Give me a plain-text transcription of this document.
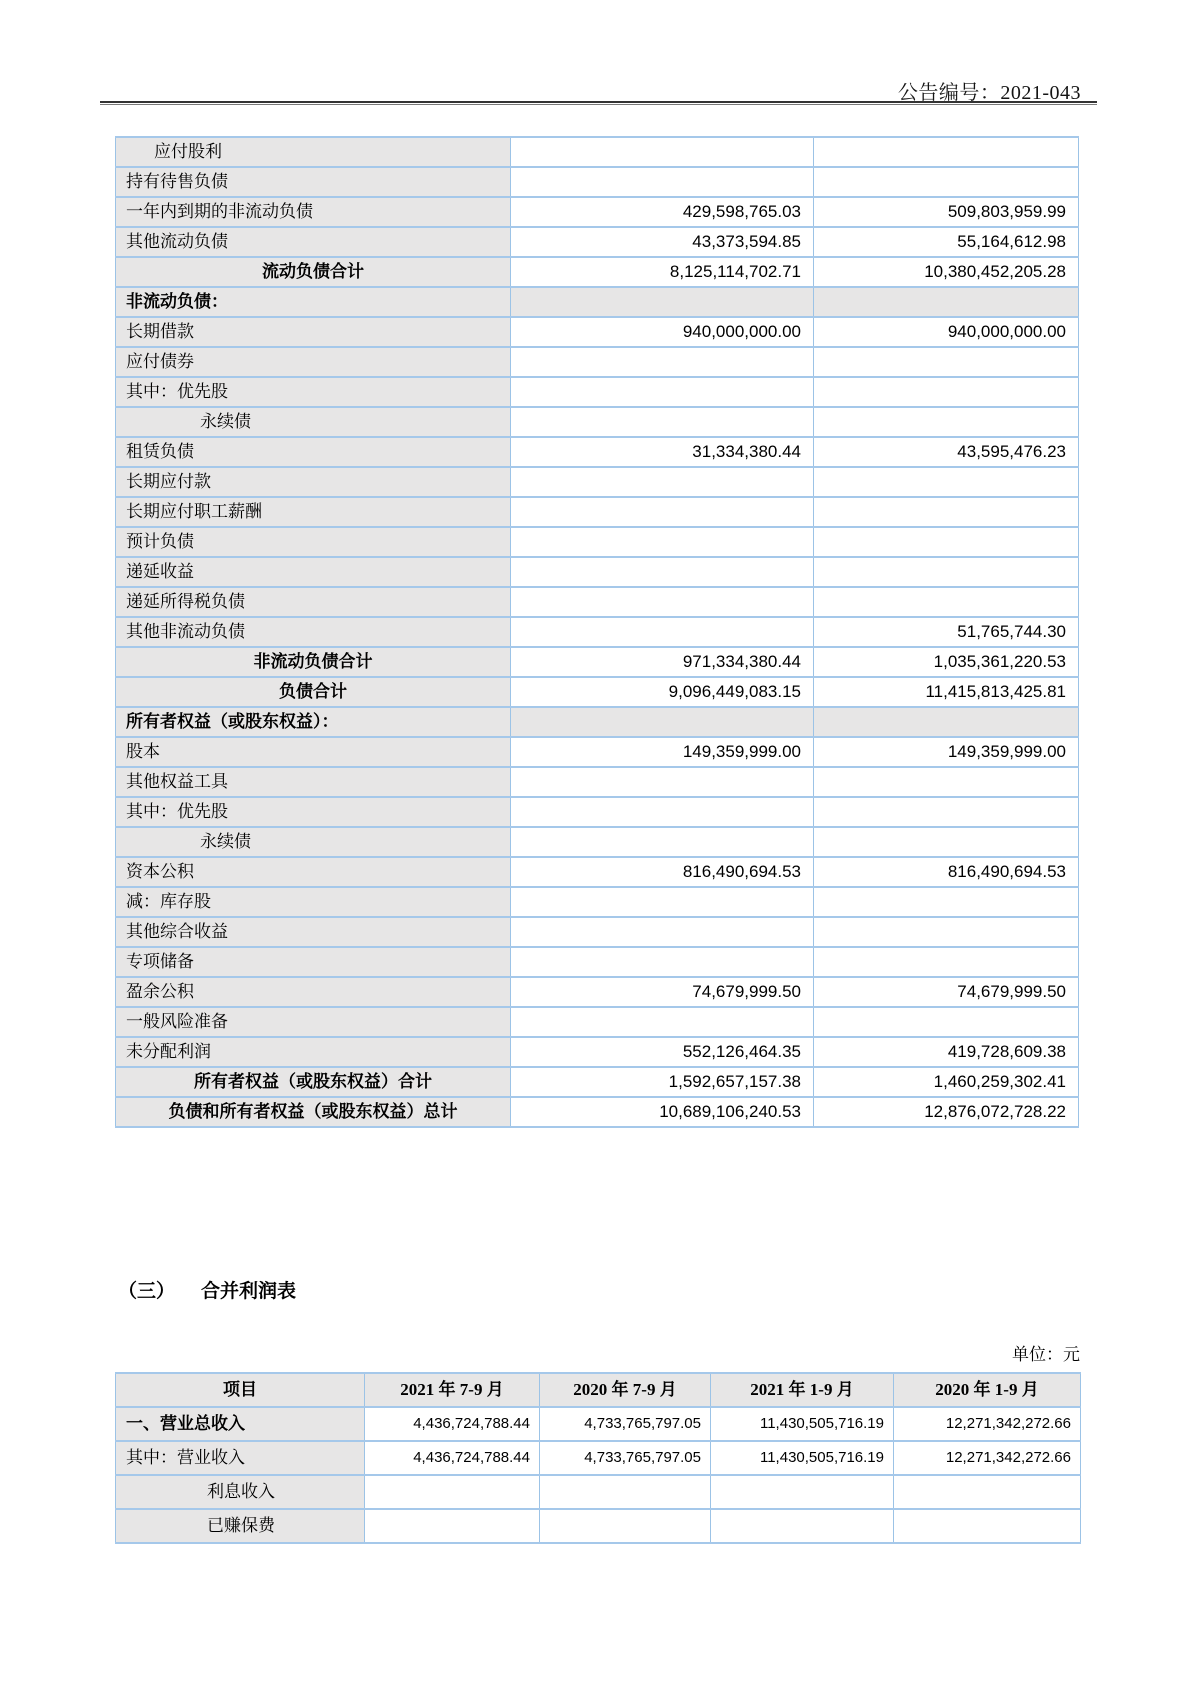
公告编号：2021-043
应付股利		
持有待售负债		
一年内到期的非流动负债	429,598,765.03	509,803,959.99
其他流动负债	43,373,594.85	55,164,612.98
流动负债合计	8,125,114,702.71	10,380,452,205.28
非流动负债：		
长期借款	940,000,000.00	940,000,000.00
应付债券		
其中：优先股		
永续债		
租赁负债	31,334,380.44	43,595,476.23
长期应付款		
长期应付职工薪酬		
预计负债		
递延收益		
递延所得税负债		
其他非流动负债		51,765,744.30
非流动负债合计	971,334,380.44	1,035,361,220.53
负债合计	9,096,449,083.15	11,415,813,425.81
所有者权益（或股东权益）：		
股本	149,359,999.00	149,359,999.00
其他权益工具		
其中：优先股		
永续债		
资本公积	816,490,694.53	816,490,694.53
减：库存股		
其他综合收益		
专项储备		
盈余公积	74,679,999.50	74,679,999.50
一般风险准备		
未分配利润	552,126,464.35	419,728,609.38
所有者权益（或股东权益）合计	1,592,657,157.38	1,460,259,302.41
负债和所有者权益（或股东权益）总计	10,689,106,240.53	12,876,072,728.22
（三） 合并利润表
单位：元
项目	2021 年 7-9 月	2020 年 7-9 月	2021 年 1-9 月	2020 年 1-9 月
一、营业总收入	4,436,724,788.44	4,733,765,797.05	11,430,505,716.19	12,271,342,272.66
其中：营业收入	4,436,724,788.44	4,733,765,797.05	11,430,505,716.19	12,271,342,272.66
利息收入				
已赚保费				
